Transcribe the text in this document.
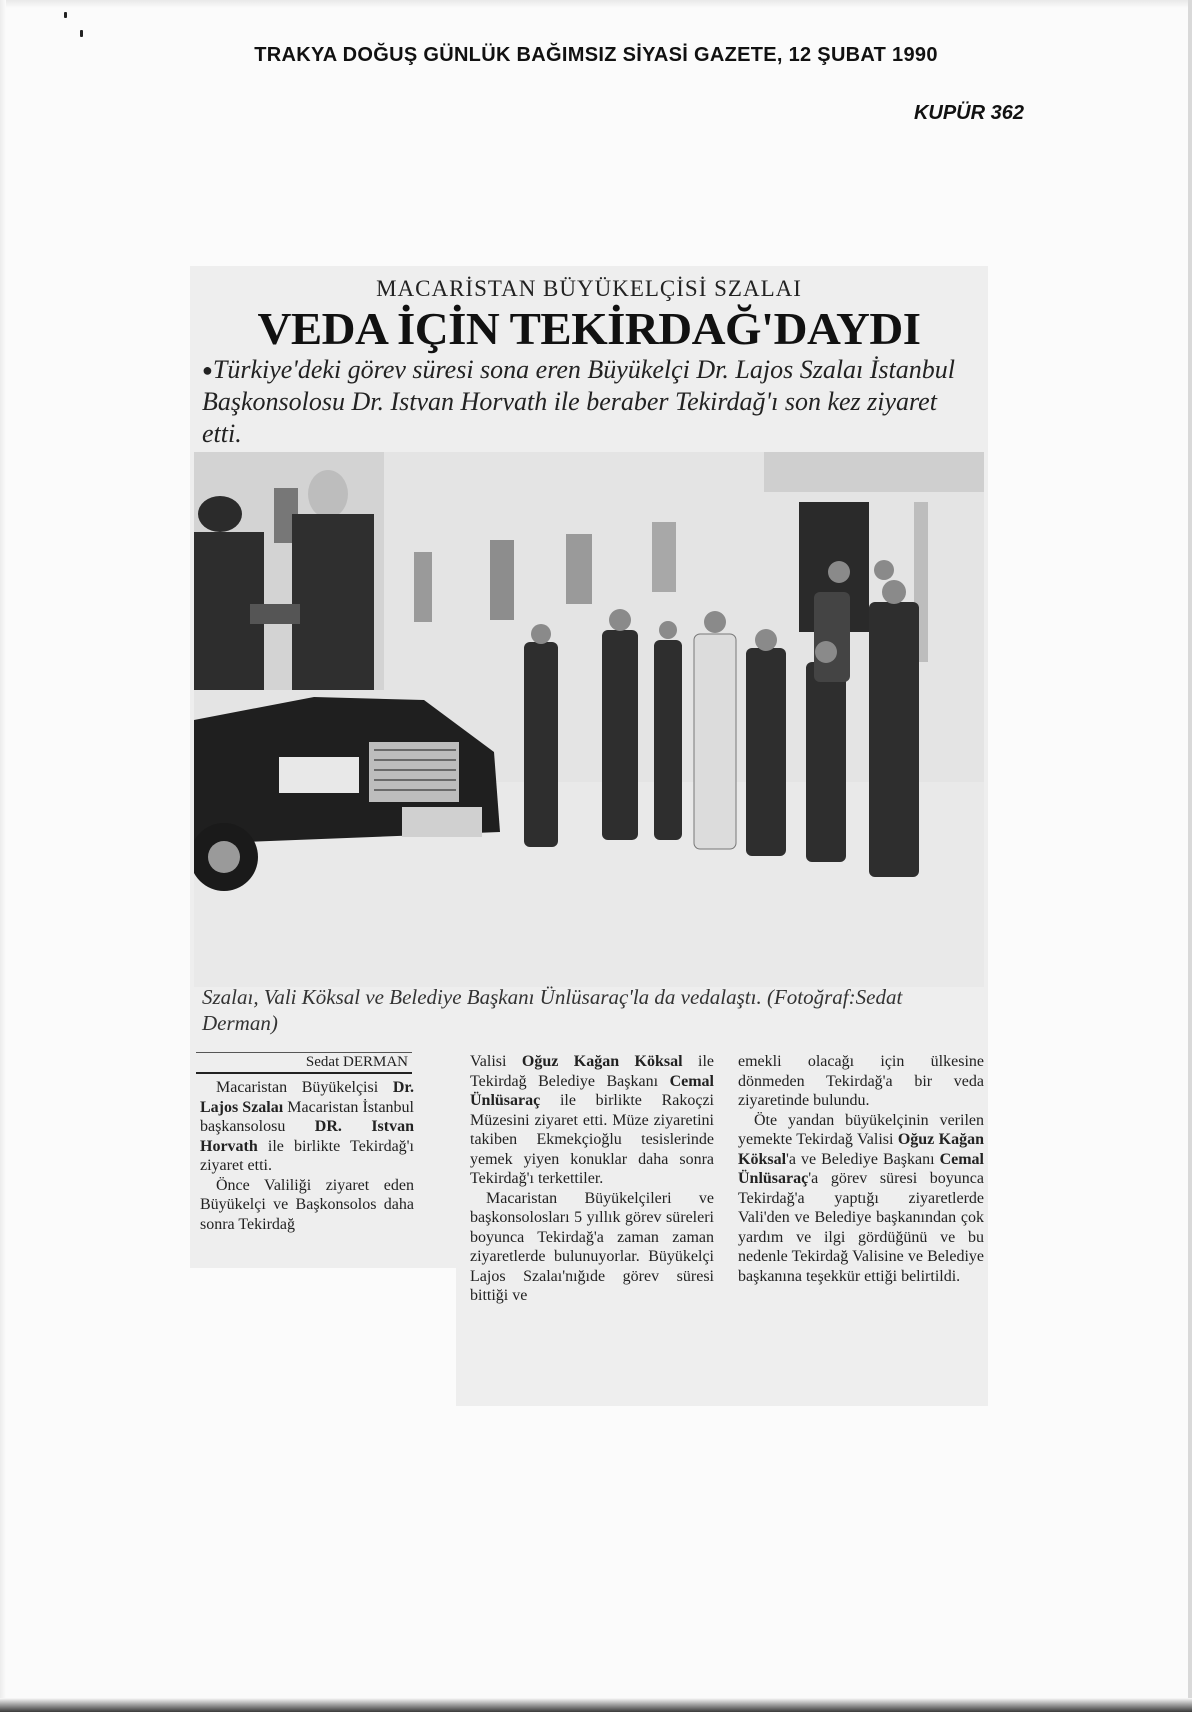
TRAKYA DOĞUŞ GÜNLÜK BAĞIMSIZ SİYASİ GAZETE, 12 ŞUBAT 1990
KUPÜR 362
MACARİSTAN BÜYÜKELÇİSİ SZALAI
VEDA İÇİN TEKİRDAĞ'DAYDI
●Türkiye'deki görev süresi sona eren Büyükelçi Dr. Lajos Szalaı İstanbul Başkonsolosu Dr. Istvan Horvath ile beraber Tekirdağ'ı son kez ziyaret etti.
Szalaı, Vali Köksal ve Belediye Başkanı Ünlüsaraç'la da vedalaştı. (Fotoğraf:Sedat Derman)
Sedat DERMAN

Macaristan Büyükelçisi Dr. Lajos Szalaı Macaristan İstanbul başkansolosu DR. Istvan Horvath ile birlikte Tekirdağ'ı ziyaret etti.

Önce Valiliği ziyaret eden Büyükelçi ve Başkonsolos daha sonra Tekirdağ

Valisi Oğuz Kağan Köksal ile Tekirdağ Belediye Başkanı Cemal Ünlüsaraç ile birlikte Rakoçzi Müzesini ziyaret etti. Müze ziyaretini takiben Ekmekçioğlu tesislerinde yemek yiyen konuklar daha sonra Tekirdağ'ı terkettiler.

Macaristan Büyükelçileri ve başkonsolosları 5 yıllık görev süreleri boyunca Tekirdağ'a zaman zaman ziyaretlerde bulunuyorlar. Büyükelçi Lajos Szalaı'nığıde görev süresi bittiği ve

emekli olacağı için ülkesine dönmeden Tekirdağ'a bir veda ziyaretinde bulundu.

Öte yandan büyükelçinin verilen yemekte Tekirdağ Valisi Oğuz Kağan Köksal'a ve Belediye Başkanı Cemal Ünlüsaraç'a görev süresi boyunca Tekirdağ'a yaptığı ziyaretlerde Vali'den ve Belediye başkanından çok yardım ve ilgi gördüğünü ve bu nedenle Tekirdağ Valisine ve Belediye başkanına teşekkür ettiği belirtildi.
